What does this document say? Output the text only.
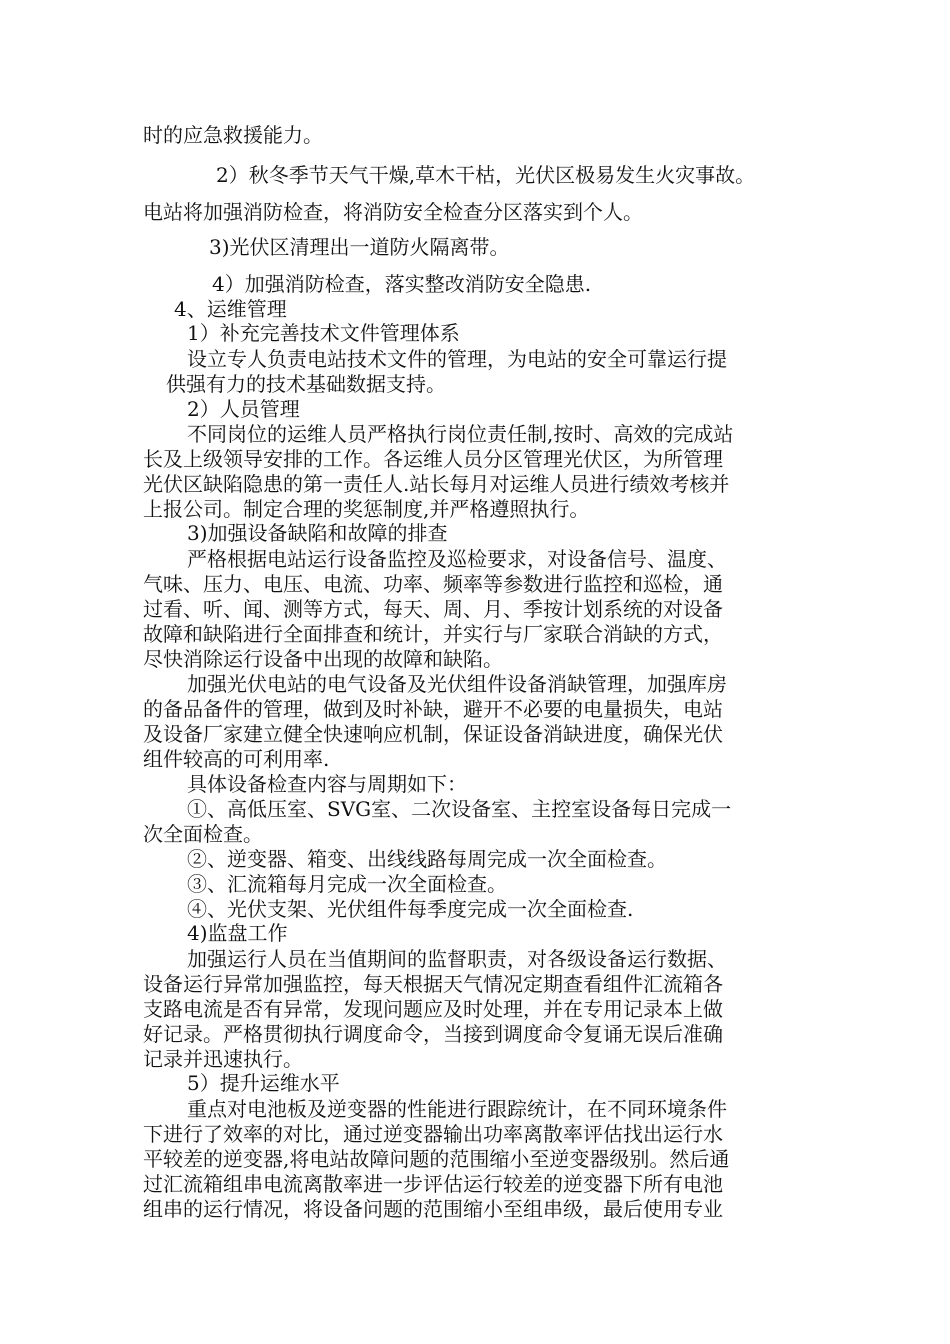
时的应急救援能力。
2）秋冬季节天气干燥,草木干枯，光伏区极易发生火灾事故。
电站将加强消防检查，将消防安全检查分区落实到个人。
3)光伏区清理出一道防火隔离带。
4）加强消防检查，落实整改消防安全隐患.
4、运维管理
1）补充完善技术文件管理体系
设立专人负责电站技术文件的管理，为电站的安全可靠运行提
供强有力的技术基础数据支持。
2）人员管理
不同岗位的运维人员严格执行岗位责任制,按时、高效的完成站
长及上级领导安排的工作。各运维人员分区管理光伏区，为所管理
光伏区缺陷隐患的第一责任人.站长每月对运维人员进行绩效考核并
上报公司。制定合理的奖惩制度,并严格遵照执行。
3)加强设备缺陷和故障的排查
严格根据电站运行设备监控及巡检要求，对设备信号、温度、
气味、压力、电压、电流、功率、频率等参数进行监控和巡检，通
过看、听、闻、测等方式，每天、周、月、季按计划系统的对设备
故障和缺陷进行全面排查和统计，并实行与厂家联合消缺的方式，
尽快消除运行设备中出现的故障和缺陷。
加强光伏电站的电气设备及光伏组件设备消缺管理，加强库房
的备品备件的管理，做到及时补缺，避开不必要的电量损失，电站
及设备厂家建立健全快速响应机制，保证设备消缺进度，确保光伏
组件较高的可利用率.
具体设备检查内容与周期如下：
①、高低压室、SVG室、二次设备室、主控室设备每日完成一
次全面检查。
②、逆变器、箱变、出线线路每周完成一次全面检查。
③、汇流箱每月完成一次全面检查。
④、光伏支架、光伏组件每季度完成一次全面检查.
4)监盘工作
加强运行人员在当值期间的监督职责，对各级设备运行数据、
设备运行异常加强监控，每天根据天气情况定期查看组件汇流箱各
支路电流是否有异常，发现问题应及时处理，并在专用记录本上做
好记录。严格贯彻执行调度命令，当接到调度命令复诵无误后准确
记录并迅速执行。
5）提升运维水平
重点对电池板及逆变器的性能进行跟踪统计，在不同环境条件
下进行了效率的对比，通过逆变器输出功率离散率评估找出运行水
平较差的逆变器,将电站故障问题的范围缩小至逆变器级别。然后通
过汇流箱组串电流离散率进一步评估运行较差的逆变器下所有电池
组串的运行情况，将设备问题的范围缩小至组串级，最后使用专业
